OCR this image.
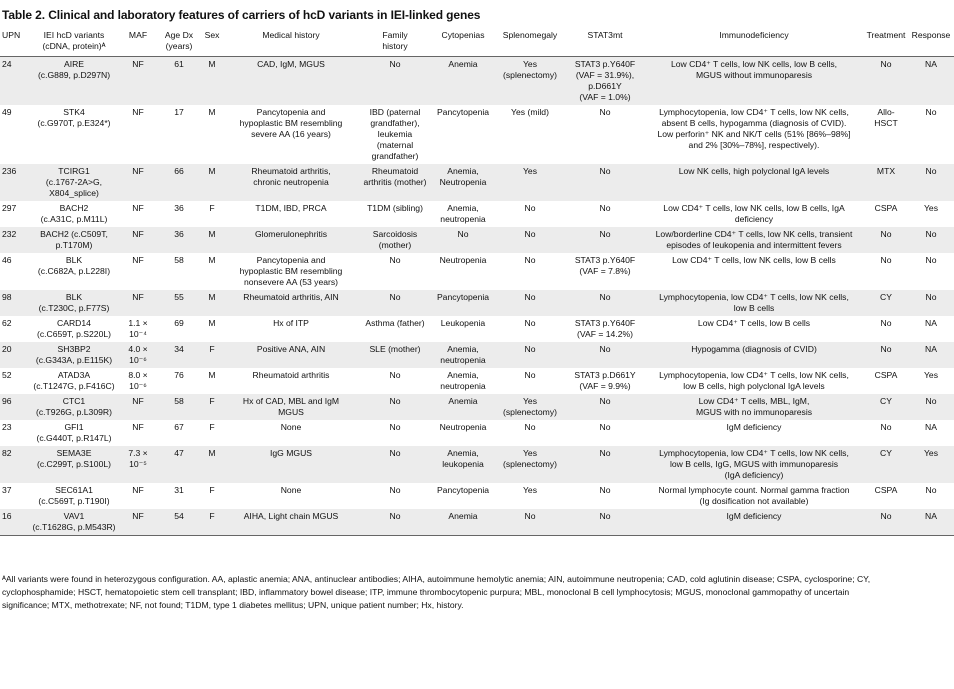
Table 2. Clinical and laboratory features of carriers of hcD variants in IEI-linked genes
UPN	IEI hcD variants
(cDNA, protein)ᴬ	MAF	Age Dx
(years)	Sex	Medical history	Family
history	Cytopenias	Splenomegaly	STAT3mt	Immunodeficiency	Treatment	Response
24	AIRE
(c.G889, p.D297N)	NF	61	M	CAD, IgM, MGUS	No	Anemia	Yes
(splenectomy)	STAT3 p.Y640F
(VAF = 31.9%),
p.D661Y
(VAF = 1.0%)	Low CD4⁺ T cells, low NK cells, low B cells,
MGUS without immunoparesis	No	NA
49	STK4
(c.G970T, p.E324*)	NF	17	M	Pancytopenia and
hypoplastic BM resembling
severe AA (16 years)	IBD (paternal
grandfather),
leukemia (maternal
grandfather)	Pancytopenia	Yes (mild)	No	Lymphocytopenia, low CD4⁺ T cells, low NK cells,
absent B cells, hypogamma (diagnosis of CVID).
Low perforin⁺ NK and NK/T cells (51% [86%–98%]
and 2% [30%–78%], respectively).	Allo-HSCT	No
236	TCIRG1
(c.1767-2A>G,
X804_splice)	NF	66	M	Rheumatoid arthritis,
chronic neutropenia	Rheumatoid
arthritis (mother)	Anemia,
Neutropenia	Yes	No	Low NK cells, high polyclonal IgA levels	MTX	No
297	BACH2
(c.A31C, p.M11L)	NF	36	F	T1DM, IBD, PRCA	T1DM (sibling)	Anemia,
neutropenia	No	No	Low CD4⁺ T cells, low NK cells, low B cells, IgA
deficiency	CSPA	Yes
232	BACH2 (c.C509T,
p.T170M)	NF	36	M	Glomerulonephritis	Sarcoidosis
(mother)	No	No	No	Low/borderline CD4⁺ T cells, low NK cells, transient
episodes of leukopenia and intermittent fevers	No	No
46	BLK
(c.C682A, p.L228I)	NF	58	M	Pancytopenia and
hypoplastic BM resembling
nonsevere AA (53 years)	No	Neutropenia	No	STAT3 p.Y640F
(VAF = 7.8%)	Low CD4⁺ T cells, low NK cells, low B cells	No	No
98	BLK
(c.T230C, p.F77S)	NF	55	M	Rheumatoid arthritis, AIN	No	Pancytopenia	No	No	Lymphocytopenia, low CD4⁺ T cells, low NK cells,
low B cells	CY	No
62	CARD14
(c.C659T, p.S220L)	1.1 × 10⁻⁴	69	M	Hx of ITP	Asthma (father)	Leukopenia	No	STAT3 p.Y640F
(VAF = 14.2%)	Low CD4⁺ T cells, low B cells	No	NA
20	SH3BP2
(c.G343A, p.E115K)	4.0 × 10⁻⁶	34	F	Positive ANA, AIN	SLE (mother)	Anemia,
neutropenia	No	No	Hypogamma (diagnosis of CVID)	No	NA
52	ATAD3A
(c.T1247G, p.F416C)	8.0 × 10⁻⁶	76	M	Rheumatoid arthritis	No	Anemia,
neutropenia	No	STAT3 p.D661Y
(VAF = 9.9%)	Lymphocytopenia, low CD4⁺ T cells, low NK cells,
low B cells, high polyclonal IgA levels	CSPA	Yes
96	CTC1
(c.T926G, p.L309R)	NF	58	F	Hx of CAD, MBL and IgM
MGUS	No	Anemia	Yes
(splenectomy)	No	Low CD4⁺ T cells, MBL, IgM,
MGUS with no immunoparesis	CY	No
23	GFI1
(c.G440T, p.R147L)	NF	67	F	None	No	Neutropenia	No	No	IgM deficiency	No	NA
82	SEMA3E
(c.C299T, p.S100L)	7.3 × 10⁻⁵	47	M	IgG MGUS	No	Anemia,
leukopenia	Yes
(splenectomy)	No	Lymphocytopenia, low CD4⁺ T cells, low NK cells,
low B cells, IgG, MGUS with immunoparesis
(IgA deficiency)	CY	Yes
37	SEC61A1
(c.C569T, p.T190I)	NF	31	F	None	No	Pancytopenia	Yes	No	Normal lymphocyte count. Normal gamma fraction
(Ig dosification not available)	CSPA	No
16	VAV1
(c.T1628G, p.M543R)	NF	54	F	AIHA, Light chain MGUS	No	Anemia	No	No	IgM deficiency	No	NA
ᴬAll variants were found in heterozygous configuration. AA, aplastic anemia; ANA, antinuclear antibodies; AIHA, autoimmune hemolytic anemia; AIN, autoimmune neutropenia; CAD, cold aglutinin disease; CSPA, cyclosporine; CY, cyclophosphamide; HSCT, hematopoietic stem cell transplant; IBD, inflammatory bowel disease; ITP, immune thrombocytopenic purpura; MBL, monoclonal B cell lymphocytosis; MGUS, monoclonal gammopathy of uncertain significance; MTX, methotrexate; NF, not found; T1DM, type 1 diabetes mellitus; UPN, unique patient number; Hx, history.
